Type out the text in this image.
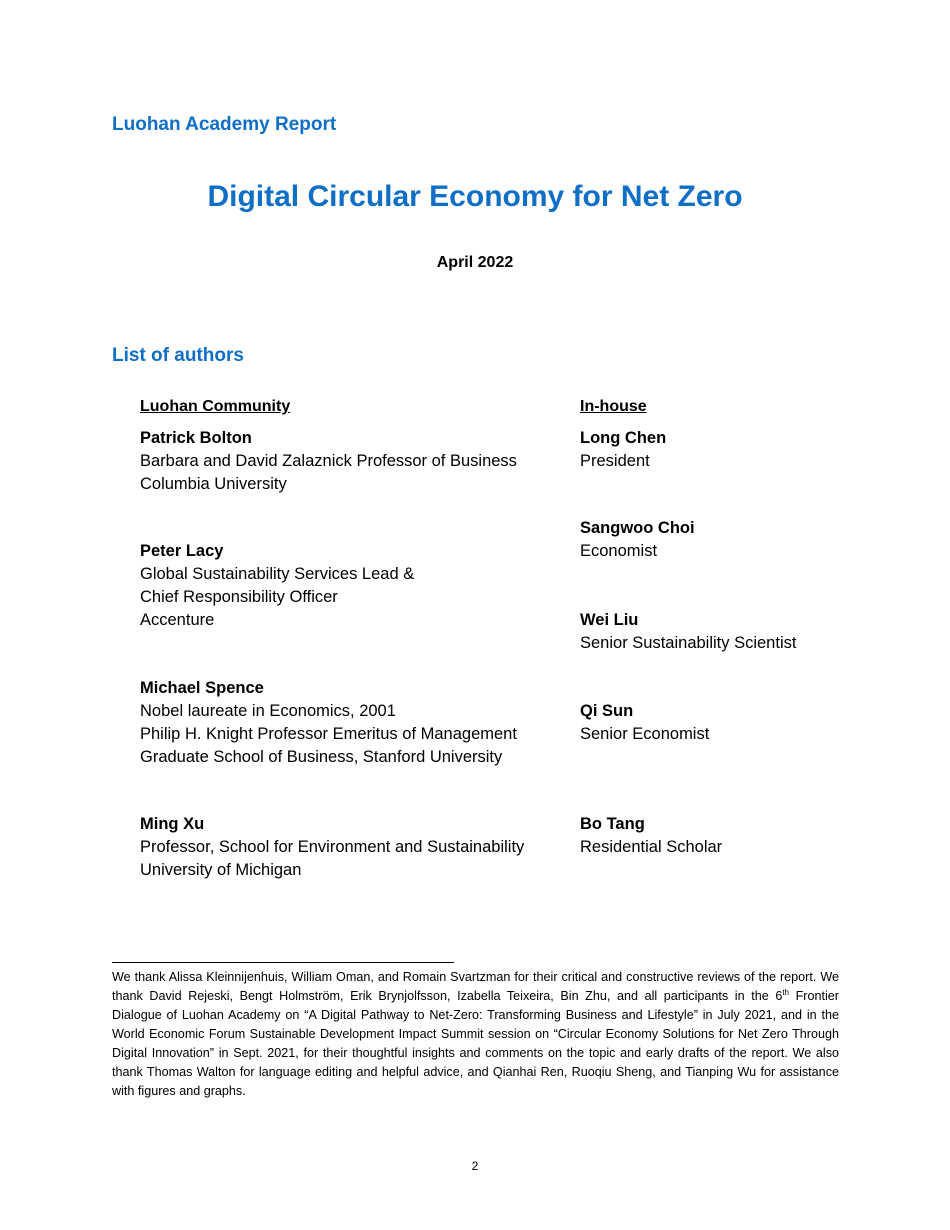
Luohan Academy Report
Digital Circular Economy for Net Zero
April 2022
List of authors
Luohan Community	In-house
Patrick Bolton
Barbara and David Zalaznick Professor of Business
Columbia University
Peter Lacy
Global Sustainability Services Lead &
Chief Responsibility Officer
Accenture
Michael Spence
Nobel laureate in Economics, 2001
Philip H. Knight Professor Emeritus of Management
Graduate School of Business, Stanford University
Ming Xu
Professor, School for Environment and Sustainability
University of Michigan
Long Chen
President
Sangwoo Choi
Economist
Wei Liu
Senior Sustainability Scientist
Qi Sun
Senior Economist
Bo Tang
Residential Scholar
We thank Alissa Kleinnijenhuis, William Oman, and Romain Svartzman for their critical and constructive reviews of the report. We thank David Rejeski, Bengt Holmström, Erik Brynjolfsson, Izabella Teixeira, Bin Zhu, and all participants in the 6th Frontier Dialogue of Luohan Academy on “A Digital Pathway to Net-Zero: Transforming Business and Lifestyle” in July 2021, and in the World Economic Forum Sustainable Development Impact Summit session on “Circular Economy Solutions for Net Zero Through Digital Innovation” in Sept. 2021, for their thoughtful insights and comments on the topic and early drafts of the report. We also thank Thomas Walton for language editing and helpful advice, and Qianhai Ren, Ruoqiu Sheng, and Tianping Wu for assistance with figures and graphs.
2
